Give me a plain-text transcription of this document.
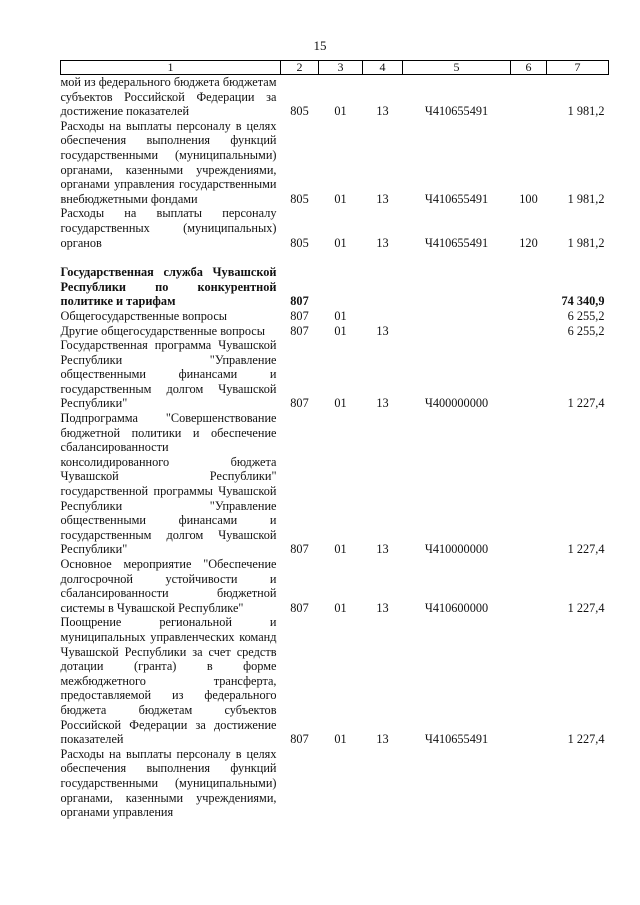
15
1	2	3	4	5	6	7
мой из федерального бюджета бюджетам субъектов Российской Федерации за достижение показателей	805	01	13	Ч410655491		1 981,2
Расходы на выплаты персоналу в целях обеспечения выполнения функций государственными (муниципальными) органами, казенными учреждениями, органами управления государственными внебюджетными фондами	805	01	13	Ч410655491	100	1 981,2
Расходы на выплаты персоналу государственных (муниципальных) органов	805	01	13	Ч410655491	120	1 981,2

Государственная служба Чувашской Республики по конкурентной политике и тарифам	807					74 340,9
Общегосударственные вопросы	807	01				6 255,2
Другие общегосударственные вопросы	807	01	13			6 255,2
Государственная программа Чувашской Республики "Управление общественными финансами и государственным долгом Чувашской Республики"	807	01	13	Ч400000000		1 227,4
Подпрограмма "Совершенствование бюджетной политики и обеспечение сбалансированности консолидированного бюджета Чувашской Республики" государственной программы Чувашской Республики "Управление общественными финансами и государственным долгом Чувашской Республики"	807	01	13	Ч410000000		1 227,4
Основное мероприятие "Обеспечение долгосрочной устойчивости и сбалансированности бюджетной системы в Чувашской Республике"	807	01	13	Ч410600000		1 227,4
Поощрение региональной и муниципальных управленческих команд Чувашской Республики за счет средств дотации (гранта) в форме межбюджетного трансферта, предоставляемой из федерального бюджета бюджетам субъектов Российской Федерации за достижение показателей	807	01	13	Ч410655491		1 227,4
Расходы на выплаты персоналу в целях обеспечения выполнения функций государственными (муниципальными) органами, казенными учреждениями, органами управления						
